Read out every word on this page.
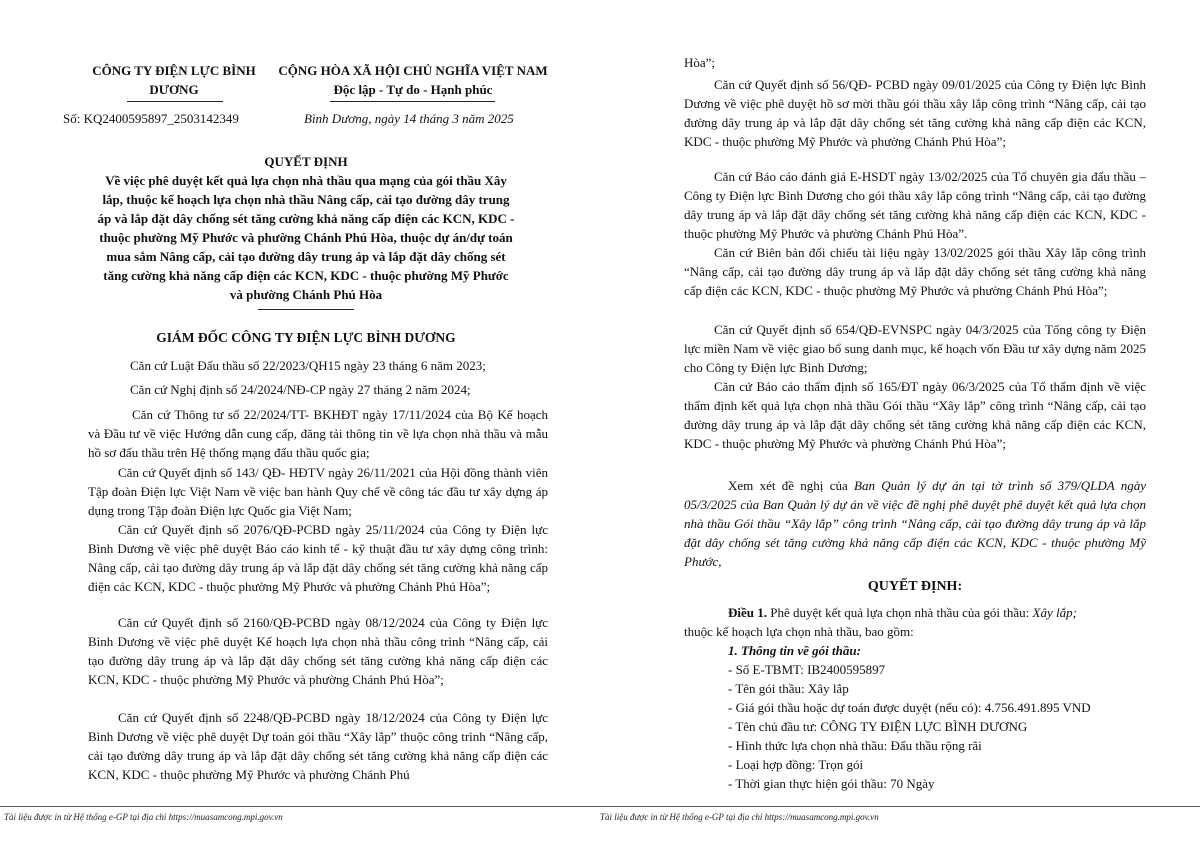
CÔNG TY ĐIỆN LỰC BÌNH

DƯƠNG

CỘNG HÒA XÃ HỘI CHỦ NGHĨA VIỆT NAM

Độc lập - Tự do - Hạnh phúc

Số: KQ2400595897_2503142349	Bình Dương, ngày 14 tháng 3 năm 2025

QUYẾT ĐỊNH

Về việc phê duyệt kết quả lựa chọn nhà thầu qua mạng của gói thầu Xây

lắp, thuộc kế hoạch lựa chọn nhà thầu Nâng cấp, cải tạo đường dây trung

áp và lắp đặt dây chống sét tăng cường khả năng cấp điện các KCN, KDC -

thuộc phường Mỹ Phước và phường Chánh Phú Hòa, thuộc dự án/dự toán

mua sắm Nâng cấp, cải tạo đường dây trung áp và lắp đặt dây chống sét

tăng cường khả năng cấp điện các KCN, KDC - thuộc phường Mỹ Phước

và phường Chánh Phú Hòa

GIÁM ĐỐC CÔNG TY ĐIỆN LỰC BÌNH DƯƠNG

Căn cứ Luật Đấu thầu số 22/2023/QH15 ngày 23 tháng 6 năm 2023;

Căn cứ Nghị định số 24/2024/NĐ-CP ngày 27 tháng 2 năm 2024;

Căn cứ Thông tư số 22/2024/TT- BKHĐT ngày 17/11/2024 của Bộ Kế hoạch và Đầu tư về việc Hướng dẫn cung cấp, đăng tải thông tin về lựa chọn nhà thầu và mẫu hồ sơ đấu thầu trên Hệ thống mạng đấu thầu quốc gia;

Căn cứ Quyết định số 143/ QĐ- HĐTV ngày 26/11/2021 của Hội đồng thành viên Tập đoàn Điện lực Việt Nam về việc ban hành Quy chế về công tác đầu tư xây dựng áp dụng trong Tập đoàn Điện lực Quốc gia Việt Nam;

Căn cứ Quyết định số 2076/QĐ-PCBD ngày 25/11/2024 của Công ty Điện lực Bình Dương về việc phê duyệt Báo cáo kinh tế - kỹ thuật đầu tư xây dựng công trình: Nâng cấp, cải tạo đường dây trung áp và lắp đặt dây chống sét tăng cường khả năng cấp điện các KCN, KDC - thuộc phường Mỹ Phước và phường Chánh Phú Hòa”;

Căn cứ Quyết định số 2160/QĐ-PCBD ngày 08/12/2024 của Công ty Điện lực Bình Dương về việc phê duyệt Kế hoạch lựa chọn nhà thầu công trình “Nâng cấp, cải tạo đường dây trung áp và lắp đặt dây chống sét tăng cường khả năng cấp điện các KCN, KDC - thuộc phường Mỹ Phước và phường Chánh Phú Hòa”;

Căn cứ Quyết định số 2248/QĐ-PCBD ngày 18/12/2024 của Công ty Điện lực Bình Dương về việc phê duyệt Dự toán gói thầu “Xây lắp” thuộc công trình “Nâng cấp, cải tạo đường dây trung áp và lắp đặt dây chống sét tăng cường khả năng cấp điện các KCN, KDC - thuộc phường Mỹ Phước và phường Chánh Phú

Tài liệu được in từ Hệ thống e-GP tại địa chỉ https://muasamcong.mpi.gov.vn

Hòa”;

Căn cứ Quyết định số 56/QĐ- PCBD ngày 09/01/2025 của Công ty Điện lực Bình Dương về việc phê duyệt hồ sơ mời thầu gói thầu xây lắp công trình “Nâng cấp, cải tạo đường dây trung áp và lắp đặt dây chống sét tăng cường khả năng cấp điện các KCN, KDC - thuộc phường Mỹ Phước và phường Chánh Phú Hòa”;

Căn cứ Báo cáo đánh giá E-HSDT ngày 13/02/2025 của Tổ chuyên gia đấu thầu – Công ty Điện lực Bình Dương cho gói thầu xây lắp công trình “Nâng cấp, cải tạo đường dây trung áp và lắp đặt dây chống sét tăng cường khả năng cấp điện các KCN, KDC - thuộc phường Mỹ Phước và phường Chánh Phú Hòa”.

Căn cứ Biên bản đối chiếu tài liệu ngày 13/02/2025 gói thầu Xây lắp công trình “Nâng cấp, cải tạo đường dây trung áp và lắp đặt dây chống sét tăng cường khả năng cấp điện các KCN, KDC - thuộc phường Mỹ Phước và phường Chánh Phú Hòa”;

Căn cứ Quyết định số 654/QĐ-EVNSPC ngày 04/3/2025 của Tổng công ty Điện lực miền Nam về việc giao bổ sung danh mục, kế hoạch vốn Đầu tư xây dựng năm 2025 cho Công ty Điện lực Bình Dương;

Căn cứ Báo cáo thẩm định số 165/ĐT ngày 06/3/2025 của Tổ thẩm định về việc thẩm định kết quả lựa chọn nhà thầu Gói thầu “Xây lắp” công trình “Nâng cấp, cải tạo đường dây trung áp và lắp đặt dây chống sét tăng cường khả năng cấp điện các KCN, KDC - thuộc phường Mỹ Phước và phường Chánh Phú Hòa”;

Xem xét đề nghị của Ban Quản lý dự án tại tờ trình số 379/QLDA ngày 05/3/2025 của Ban Quản lý dự án về việc đề nghị phê duyệt phê duyệt kết quả lựa chọn nhà thầu Gói thầu “Xây lắp” công trình “Nâng cấp, cải tạo đường dây trung áp và lắp đặt dây chống sét tăng cường khả năng cấp điện các KCN, KDC - thuộc phường Mỹ Phước,

QUYẾT ĐỊNH:

Điều 1. Phê duyệt kết quả lựa chọn nhà thầu của gói thầu: Xây lắp;

thuộc kế hoạch lựa chọn nhà thầu, bao gồm:

1. Thông tin về gói thầu:

- Số E-TBMT: IB2400595897

- Tên gói thầu: Xây lắp

- Giá gói thầu hoặc dự toán được duyệt (nếu có): 4.756.491.895 VND

- Tên chủ đầu tư: CÔNG TY ĐIỆN LỰC BÌNH DƯƠNG

- Hình thức lựa chọn nhà thầu: Đấu thầu rộng rãi

- Loại hợp đồng: Trọn gói

- Thời gian thực hiện gói thầu: 70 Ngày

Tài liệu được in từ Hệ thống e-GP tại địa chỉ https://muasamcong.mpi.gov.vn
